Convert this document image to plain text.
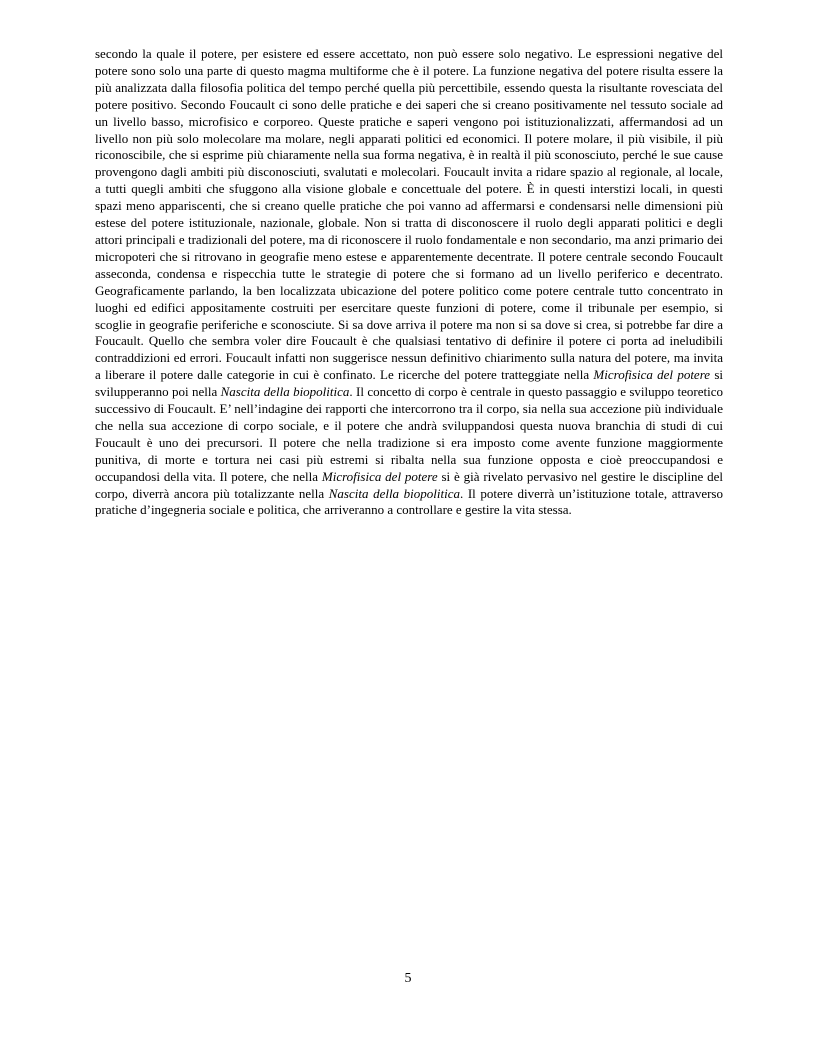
secondo la quale il potere, per esistere ed essere accettato, non può essere solo negativo. Le espressioni negative del potere sono solo una parte di questo magma multiforme che è il potere. La funzione negativa del potere risulta essere la più analizzata dalla filosofia politica del tempo perché quella più percettibile, essendo questa la risultante rovesciata del potere positivo. Secondo Foucault ci sono delle pratiche e dei saperi che si creano positivamente nel tessuto sociale ad un livello basso, microfisico e corporeo. Queste pratiche e saperi vengono poi istituzionalizzati, affermandosi ad un livello non più solo molecolare ma molare, negli apparati politici ed economici. Il potere molare, il più visibile, il più riconoscibile, che si esprime più chiaramente nella sua forma negativa, è in realtà il più sconosciuto, perché le sue cause provengono dagli ambiti più disconosciuti, svalutati e molecolari. Foucault invita a ridare spazio al regionale, al locale, a tutti quegli ambiti che sfuggono alla visione globale e concettuale del potere. È in questi interstizi locali, in questi spazi meno appariscenti, che si creano quelle pratiche che poi vanno ad affermarsi e condensarsi nelle dimensioni più estese del potere istituzionale, nazionale, globale. Non si tratta di disconoscere il ruolo degli apparati politici e degli attori principali e tradizionali del potere, ma di riconoscere il ruolo fondamentale e non secondario, ma anzi primario dei micropoteri che si ritrovano in geografie meno estese e apparentemente decentrate. Il potere centrale secondo Foucault asseconda, condensa e rispecchia tutte le strategie di potere che si formano ad un livello periferico e decentrato. Geograficamente parlando, la ben localizzata ubicazione del potere politico come potere centrale tutto concentrato in luoghi ed edifici appositamente costruiti per esercitare queste funzioni di potere, come il tribunale per esempio, si scoglie in geografie periferiche e sconosciute. Si sa dove arriva il potere ma non si sa dove si crea, si potrebbe far dire a Foucault. Quello che sembra voler dire Foucault è che qualsiasi tentativo di definire il potere ci porta ad ineludibili contraddizioni ed errori. Foucault infatti non suggerisce nessun definitivo chiarimento sulla natura del potere, ma invita a liberare il potere dalle categorie in cui è confinato. Le ricerche del potere tratteggiate nella Microfisica del potere si svilupperanno poi nella Nascita della biopolitica. Il concetto di corpo è centrale in questo passaggio e sviluppo teoretico successivo di Foucault. E’ nell’indagine dei rapporti che intercorrono tra il corpo, sia nella sua accezione più individuale che nella sua accezione di corpo sociale, e il potere che andrà sviluppandosi questa nuova branchia di studi di cui Foucault è uno dei precursori. Il potere che nella tradizione si era imposto come avente funzione maggiormente punitiva, di morte e tortura nei casi più estremi si ribalta nella sua funzione opposta e cioè preoccupandosi e occupandosi della vita. Il potere, che nella Microfisica del potere si è già rivelato pervasivo nel gestire le discipline del corpo, diverrà ancora più totalizzante nella Nascita della biopolitica. Il potere diverrà un’istituzione totale, attraverso pratiche d’ingegneria sociale e politica, che arriveranno a controllare e gestire la vita stessa.

5
